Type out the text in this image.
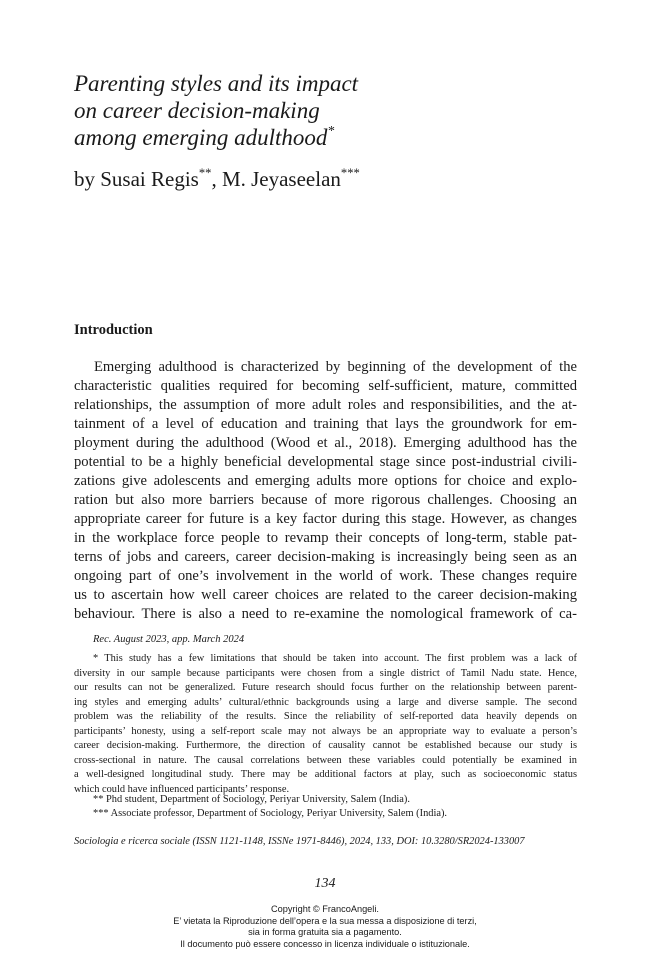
Parenting styles and its impact
on career decision-making
among emerging adulthood*
by Susai Regis**, M. Jeyaseelan***
Introduction
Emerging adulthood is characterized by beginning of the development of the
characteristic qualities required for becoming self-sufficient, mature, committed
relationships, the assumption of more adult roles and responsibilities, and the at-
tainment of a level of education and training that lays the groundwork for em-
ployment during the adulthood (Wood et al., 2018). Emerging adulthood has the
potential to be a highly beneficial developmental stage since post-industrial civili-
zations give adolescents and emerging adults more options for choice and explo-
ration but also more barriers because of more rigorous challenges. Choosing an
appropriate career for future is a key factor during this stage. However, as changes
in the workplace force people to revamp their concepts of long-term, stable pat-
terns of jobs and careers, career decision-making is increasingly being seen as an
ongoing part of one’s involvement in the world of work. These changes require
us to ascertain how well career choices are related to the career decision-making
behaviour. There is also a need to re-examine the nomological framework of ca-
Rec. August 2023, app. March 2024
* This study has a few limitations that should be taken into account. The first problem was a lack of
diversity in our sample because participants were chosen from a single district of Tamil Nadu state. Hence,
our results can not be generalized. Future research should focus further on the relationship between parent-
ing styles and emerging adults’ cultural/ethnic backgrounds using a large and diverse sample. The second
problem was the reliability of the results. Since the reliability of self-reported data heavily depends on
participants’ honesty, using a self-report scale may not always be an appropriate way to evaluate a person’s
career decision-making. Furthermore, the direction of causality cannot be established because our study is
cross-sectional in nature. The causal correlations between these variables could potentially be examined in
a well-designed longitudinal study. There may be additional factors at play, such as socioeconomic status
which could have influenced participants’ response.
** Phd student, Department of Sociology, Periyar University, Salem (India).
*** Associate professor, Department of Sociology, Periyar University, Salem (India).
Sociologia e ricerca sociale (ISSN 1121-1148, ISSNe 1971-8446), 2024, 133, DOI: 10.3280/SR2024-133007
134
Copyright © FrancoAngeli.
E’ vietata la Riproduzione dell’opera e la sua messa a disposizione di terzi,
sia in forma gratuita sia a pagamento.
Il documento può essere concesso in licenza individuale o istituzionale.
